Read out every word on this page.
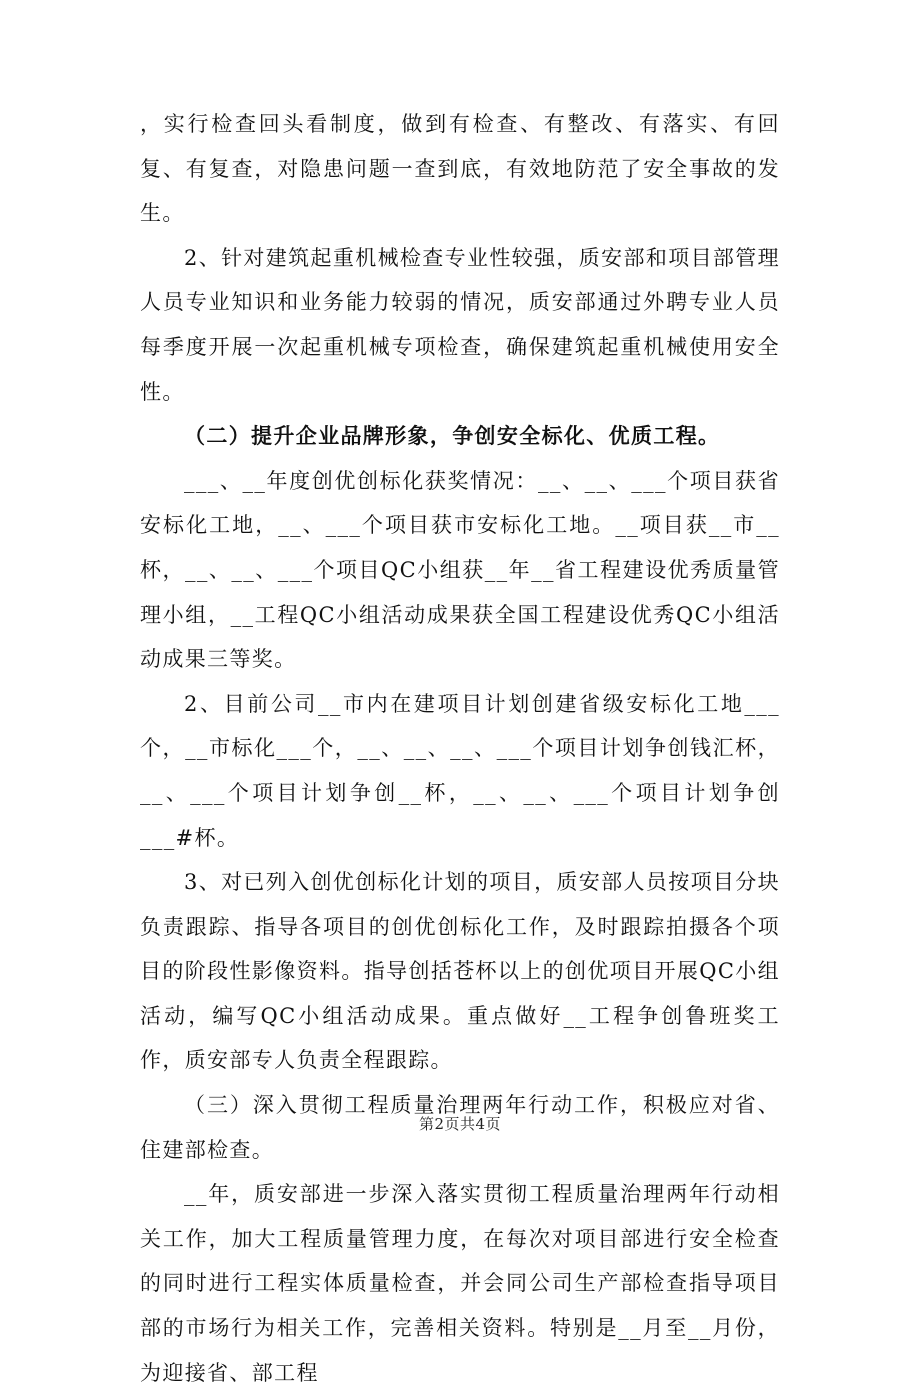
，实行检查回头看制度，做到有检查、有整改、有落实、有回复、有复查，对隐患问题一查到底，有效地防范了安全事故的发生。

2、针对建筑起重机械检查专业性较强，质安部和项目部管理人员专业知识和业务能力较弱的情况，质安部通过外聘专业人员每季度开展一次起重机械专项检查，确保建筑起重机械使用安全性。

（二）提升企业品牌形象，争创安全标化、优质工程。

___、__年度创优创标化获奖情况：__、__、___个项目获省安标化工地，__、___个项目获市安标化工地。__项目获__市__杯，__、__、___个项目QC小组获__年__省工程建设优秀质量管理小组，__工程QC小组活动成果获全国工程建设优秀QC小组活动成果三等奖。

2、目前公司__市内在建项目计划创建省级安标化工地___个，__市标化___个，__、__、__、___个项目计划争创钱汇杯，__、___个项目计划争创__杯，__、__、___个项目计划争创___#杯。

3、对已列入创优创标化计划的项目，质安部人员按项目分块负责跟踪、指导各项目的创优创标化工作，及时跟踪拍摄各个项目的阶段性影像资料。指导创括苍杯以上的创优项目开展QC小组活动，编写QC小组活动成果。重点做好__工程争创鲁班奖工作，质安部专人负责全程跟踪。

（三）深入贯彻工程质量治理两年行动工作，积极应对省、住建部检查。

__年，质安部进一步深入落实贯彻工程质量治理两年行动相关工作，加大工程质量管理力度，在每次对项目部进行安全检查的同时进行工程实体质量检查，并会同公司生产部检查指导项目部的市场行为相关工作，完善相关资料。特别是__月至__月份，为迎接省、部工程

第2页共4页
